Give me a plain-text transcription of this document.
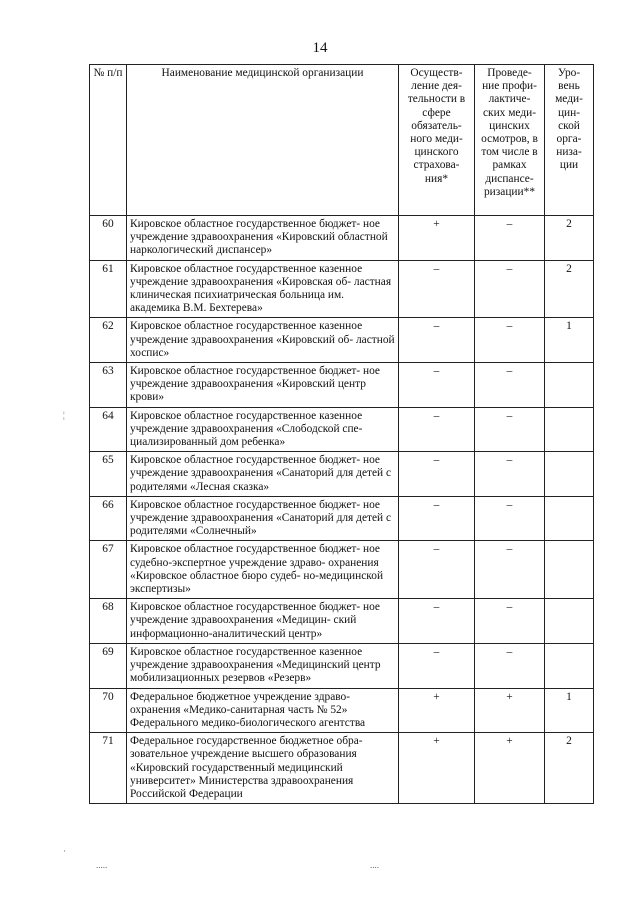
14
№ п/п	Наименование медицинской организации	Осуществ- ление дея- тельности в сфере обязатель- ного меди- цинского страхова- ния*	Проведе- ние профи- лактиче- ских меди- цинских осмотров, в том числе в рамках диспансе- ризации**	Уро- вень меди- цин- ской орга- низа- ции
60	Кировское областное государственное бюджет- ное учреждение здравоохранения «Кировский областной наркологический диспансер»	+	–	2
61	Кировское областное государственное казенное учреждение здравоохранения «Кировская об- ластная клиническая психиатрическая больница им. академика В.М. Бехтерева»	–	–	2
62	Кировское областное государственное казенное учреждение здравоохранения «Кировский об- ластной хоспис»	–	–	1
63	Кировское областное государственное бюджет- ное учреждение здравоохранения «Кировский центр крови»	–	–	
64	Кировское областное государственное казенное учреждение здравоохранения «Слободской спе- циализированный дом ребенка»	–	–	
65	Кировское областное государственное бюджет- ное учреждение здравоохранения «Санаторий для детей с родителями «Лесная сказка»	–	–	
66	Кировское областное государственное бюджет- ное учреждение здравоохранения «Санаторий для детей с родителями «Солнечный»	–	–	
67	Кировское областное государственное бюджет- ное судебно-экспертное учреждение здраво- охранения «Кировское областное бюро судеб- но-медицинской экспертизы»	–	–	
68	Кировское областное государственное бюджет- ное учреждение здравоохранения «Медицин- ский информационно-аналитический центр»	–	–	
69	Кировское областное государственное казенное учреждение здравоохранения «Медицинский центр мобилизационных резервов «Резерв»	–	–	
70	Федеральное бюджетное учреждение здраво- охранения «Медико-санитарная часть № 52» Федерального медико-биологического агентства	+	+	1
71	Федеральное государственное бюджетное обра- зовательное учреждение высшего образования «Кировский государственный медицинский университет» Министерства здравоохранения Российской Федерации	+	+	2
¦
·
.....	....
